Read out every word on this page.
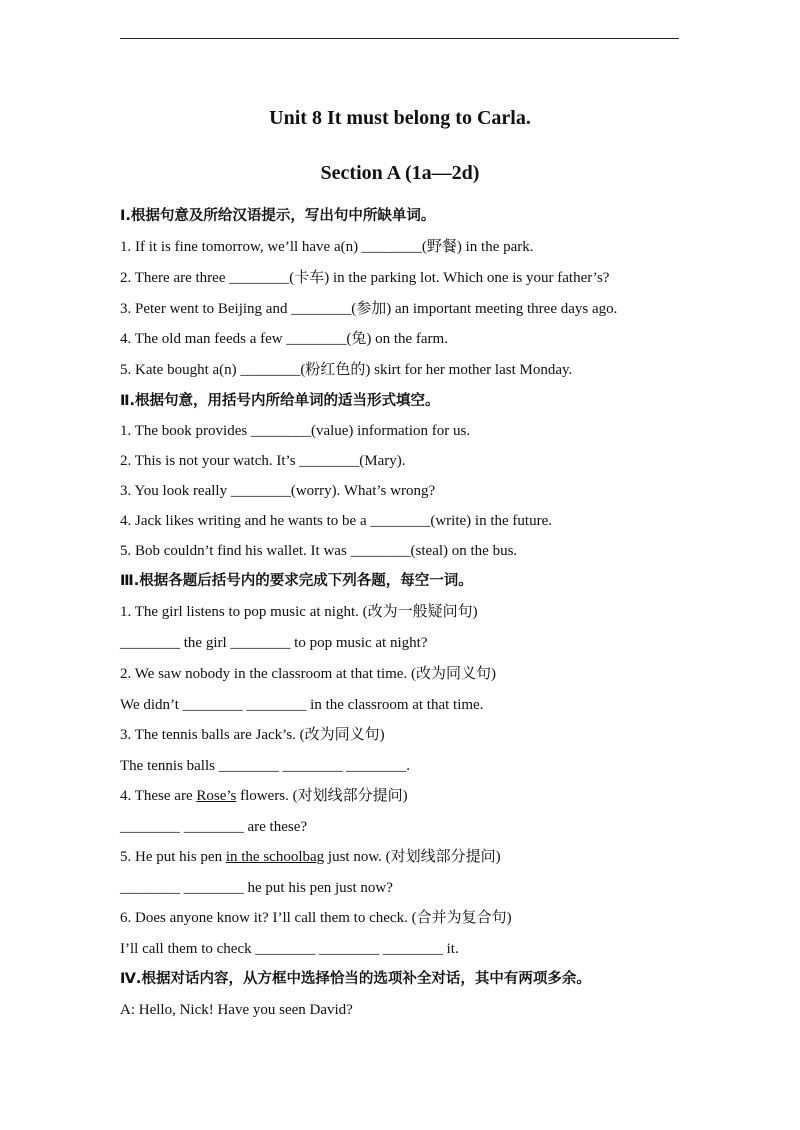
Unit 8 It must belong to Carla.
Section A (1a—2d)
Ⅰ.根据句意及所给汉语提示，写出句中所缺单词。
1. If it is fine tomorrow, we’ll have a(n) ________(野餐) in the park.
2. There are three ________(卡车) in the parking lot. Which one is your father’s?
3. Peter went to Beijing and ________(参加) an important meeting three days ago.
4. The old man feeds a few ________(兔) on the farm.
5. Kate bought a(n) ________(粉红色的) skirt for her mother last Monday.
Ⅱ.根据句意，用括号内所给单词的适当形式填空。
1. The book provides ________(value) information for us.
2. This is not your watch. It’s ________(Mary).
3. You look really ________(worry). What’s wrong?
4. Jack likes writing and he wants to be a ________(write) in the future.
5. Bob couldn’t find his wallet. It was ________(steal) on the bus.
Ⅲ.根据各题后括号内的要求完成下列各题，每空一词。
1. The girl listens to pop music at night. (改为一般疑问句)
________ the girl ________ to pop music at night?
2. We saw nobody in the classroom at that time. (改为同义句)
We didn’t ________ ________ in the classroom at that time.
3. The tennis balls are Jack’s. (改为同义句)
The tennis balls ________ ________ ________.
4. These are Rose’s flowers. (对划线部分提问)
________ ________ are these?
5. He put his pen in the schoolbag just now. (对划线部分提问)
________ ________ he put his pen just now?
6. Does anyone know it? I’ll call them to check. (合并为复合句)
I’ll call them to check ________ ________ ________ it.
Ⅳ.根据对话内容，从方框中选择恰当的选项补全对话，其中有两项多余。
A: Hello, Nick! Have you seen David?
